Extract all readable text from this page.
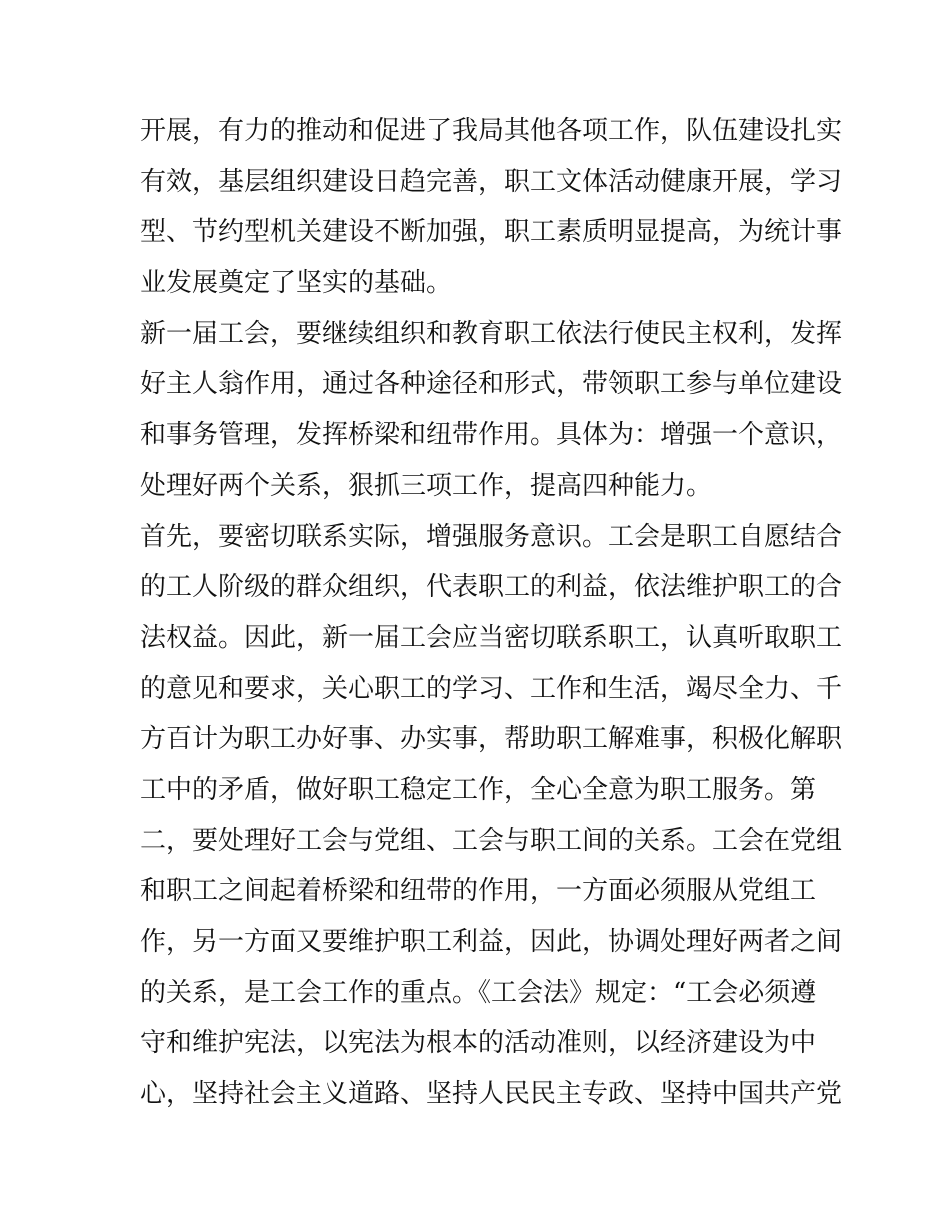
开展，有力的推动和促进了我局其他各项工作，队伍建设扎实
有效，基层组织建设日趋完善，职工文体活动健康开展，学习
型、节约型机关建设不断加强，职工素质明显提高，为统计事
业发展奠定了坚实的基础。
新一届工会，要继续组织和教育职工依法行使民主权利，发挥
好主人翁作用，通过各种途径和形式，带领职工参与单位建设
和事务管理，发挥桥梁和纽带作用。具体为：增强一个意识，
处理好两个关系，狠抓三项工作，提高四种能力。
首先，要密切联系实际，增强服务意识。工会是职工自愿结合
的工人阶级的群众组织，代表职工的利益，依法维护职工的合
法权益。因此，新一届工会应当密切联系职工，认真听取职工
的意见和要求，关心职工的学习、工作和生活，竭尽全力、千
方百计为职工办好事、办实事，帮助职工解难事，积极化解职
工中的矛盾，做好职工稳定工作，全心全意为职工服务。第
二，要处理好工会与党组、工会与职工间的关系。工会在党组
和职工之间起着桥梁和纽带的作用，一方面必须服从党组工
作，另一方面又要维护职工利益，因此，协调处理好两者之间
的关系，是工会工作的重点。《工会法》规定：“工会必须遵
守和维护宪法，以宪法为根本的活动准则，以经济建设为中
心，坚持社会主义道路、坚持人民民主专政、坚持中国共产党
